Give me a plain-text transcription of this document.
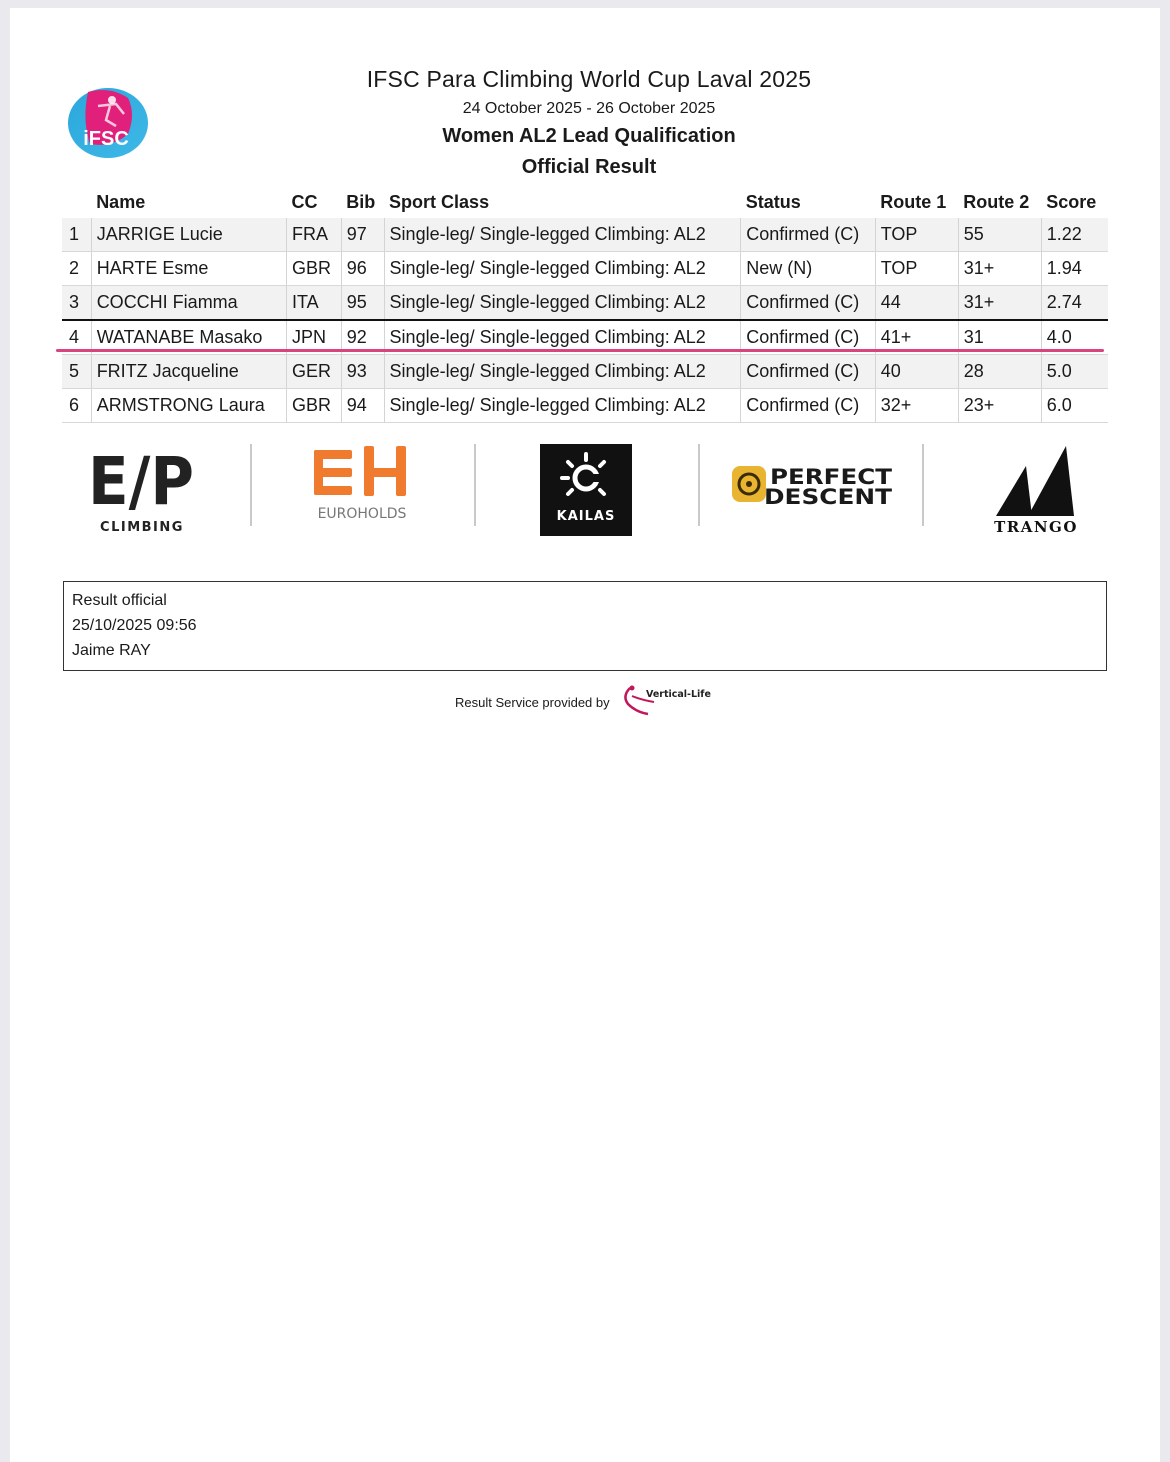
iFSC
IFSC Para Climbing World Cup Laval 2025
24 October 2025 - 26 October 2025
Women AL2 Lead Qualification
Official Result
	Name	CC	Bib	Sport Class	Status	Route 1	Route 2	Score
1	JARRIGE Lucie	FRA	97	Single-leg/ Single-legged Climbing: AL2	Confirmed (C)	TOP	55	1.22
2	HARTE Esme	GBR	96	Single-leg/ Single-legged Climbing: AL2	New (N)	TOP	31+	1.94
3	COCCHI Fiamma	ITA	95	Single-leg/ Single-legged Climbing: AL2	Confirmed (C)	44	31+	2.74
4	WATANABE Masako	JPN	92	Single-leg/ Single-legged Climbing: AL2	Confirmed (C)	41+	31	4.0
5	FRITZ Jacqueline	GER	93	Single-leg/ Single-legged Climbing: AL2	Confirmed (C)	40	28	5.0
6	ARMSTRONG Laura	GBR	94	Single-leg/ Single-legged Climbing: AL2	Confirmed (C)	32+	23+	6.0
E/P
CLIMBING
EUROHOLDS	KAILAS
PERFECT
DESCENT
TRANGO
Result official
25/10/2025 09:56
Jaime RAY
Result Service provided by
Vertical-Life
